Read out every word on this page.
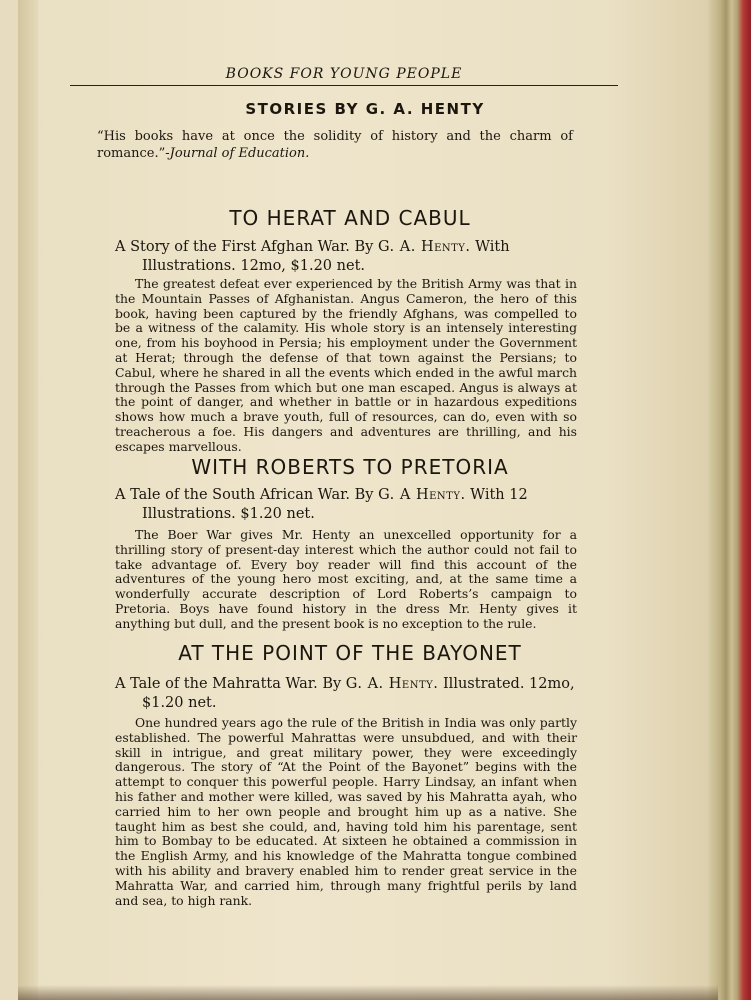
BOOKS FOR YOUNG PEOPLE
STORIES BY G. A. HENTY
“His books have at once the solidity of history and the charm of romance.”-Journal of Education.
TO HERAT AND CABUL
A Story of the First Afghan War. By G. A. Henty. With Illustrations. 12mo, $1.20 net.
The greatest defeat ever experienced by the British Army was that in the Mountain Passes of Afghanistan. Angus Cameron, the hero of this book, having been captured by the friendly Afghans, was compelled to be a witness of the calamity. His whole story is an intensely interesting one, from his boyhood in Persia; his employment under the Government at Herat; through the defense of that town against the Persians; to Cabul, where he shared in all the events which ended in the awful march through the Passes from which but one man escaped. Angus is always at the point of danger, and whether in battle or in hazardous expeditions shows how much a brave youth, full of resources, can do, even with so treacherous a foe. His dangers and adventures are thrilling, and his escapes marvellous.
WITH ROBERTS TO PRETORIA
A Tale of the South African War. By G. A Henty. With 12 Illustrations. $1.20 net.
The Boer War gives Mr. Henty an unexcelled opportunity for a thrilling story of present-day interest which the author could not fail to take advantage of. Every boy reader will find this account of the adventures of the young hero most exciting, and, at the same time a wonderfully accurate description of Lord Roberts’s campaign to Pretoria. Boys have found history in the dress Mr. Henty gives it anything but dull, and the present book is no exception to the rule.
AT THE POINT OF THE BAYONET
A Tale of the Mahratta War. By G. A. Henty. Illustrated. 12mo, $1.20 net.
One hundred years ago the rule of the British in India was only partly established. The powerful Mahrattas were unsubdued, and with their skill in intrigue, and great military power, they were exceedingly dangerous. The story of “At the Point of the Bayonet” begins with the attempt to conquer this powerful people. Harry Lindsay, an infant when his father and mother were killed, was saved by his Mahratta ayah, who carried him to her own people and brought him up as a native. She taught him as best she could, and, having told him his parentage, sent him to Bombay to be educated. At sixteen he obtained a commission in the English Army, and his knowledge of the Mahratta tongue combined with his ability and bravery enabled him to render great service in the Mahratta War, and carried him, through many frightful perils by land and sea, to high rank.
